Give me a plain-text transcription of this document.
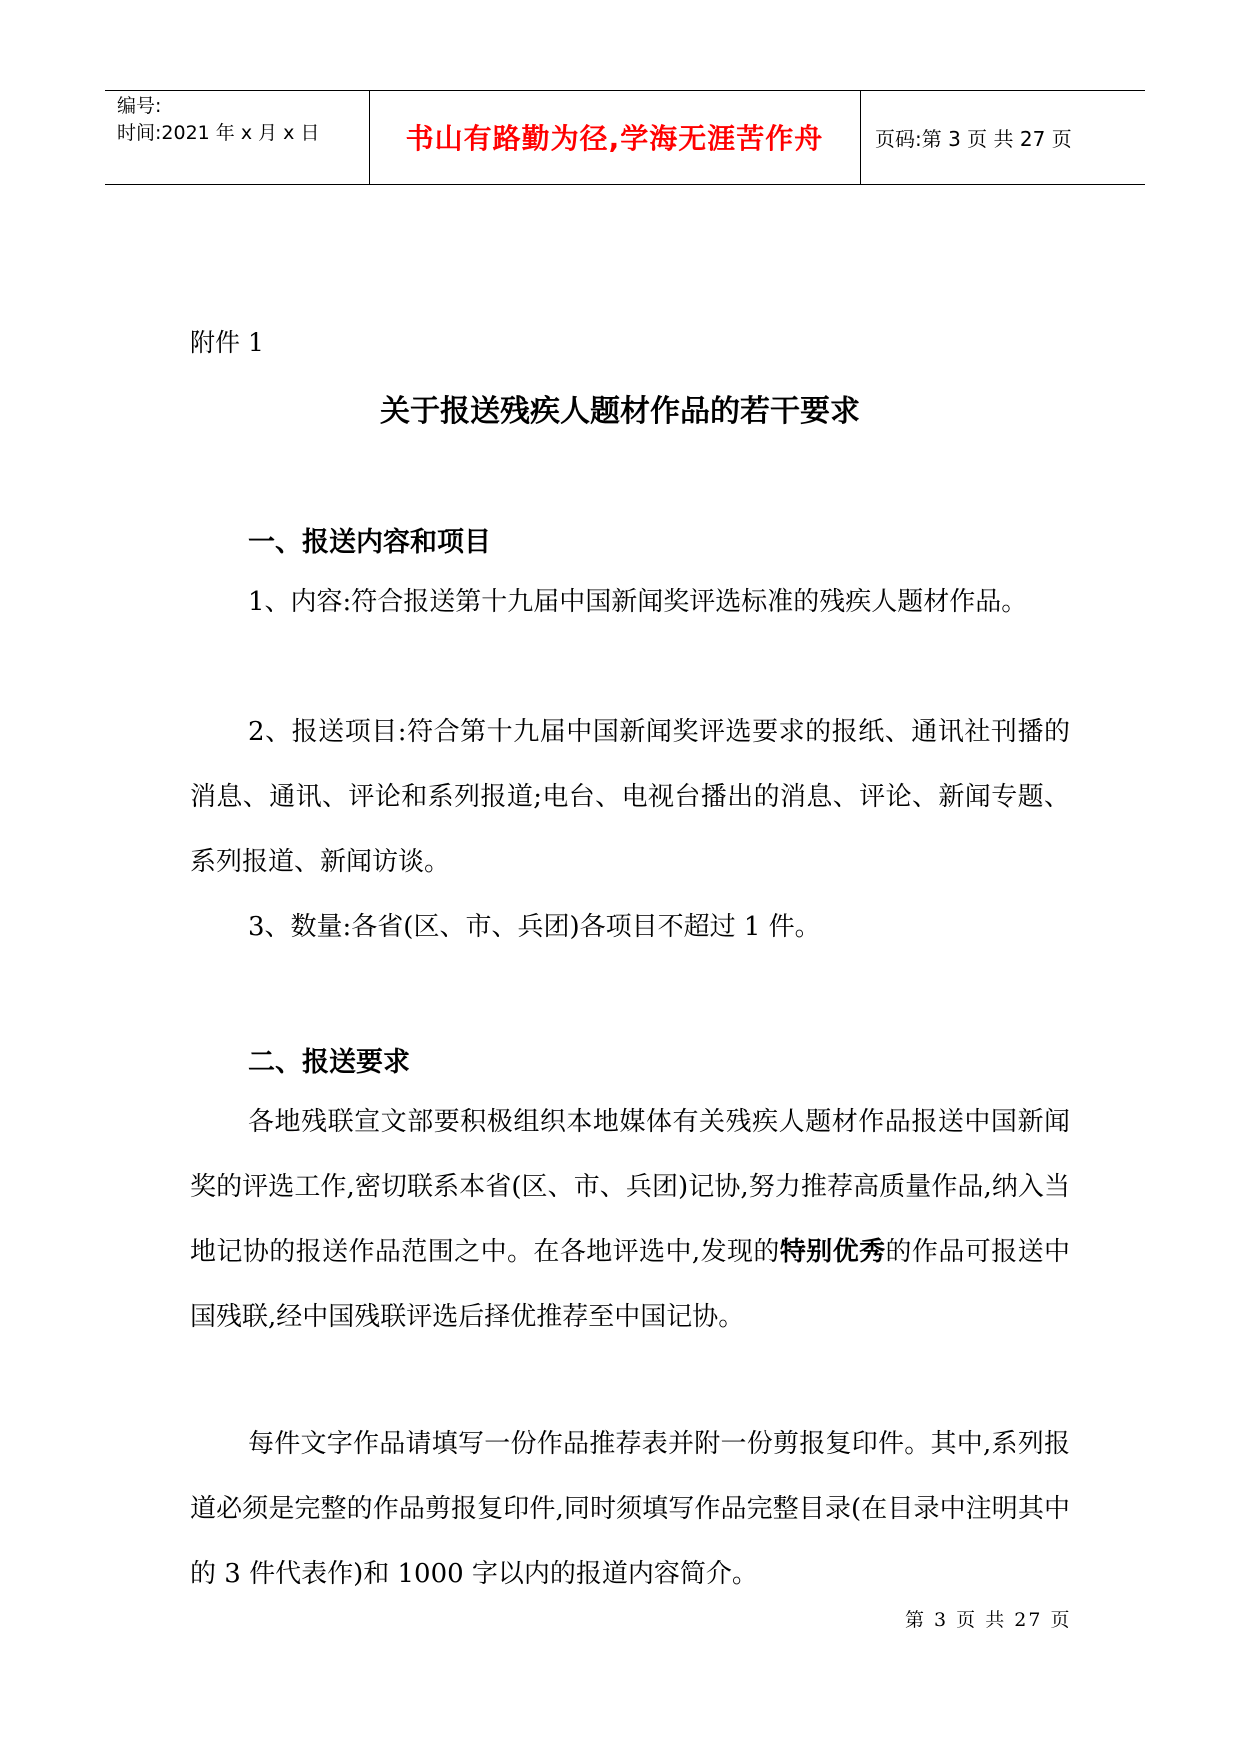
编号:
时间:2021 年 x 月 x 日	书山有路勤为径,学海无涯苦作舟	页码:第 3 页 共 27 页
附件 1
关于报送残疾人题材作品的若干要求
一、报送内容和项目

1、内容:符合报送第十九届中国新闻奖评选标准的残疾人题材作品。

2、报送项目:符合第十九届中国新闻奖评选要求的报纸、通讯社刊播的消息、通讯、评论和系列报道;电台、电视台播出的消息、评论、新闻专题、系列报道、新闻访谈。

3、数量:各省(区、市、兵团)各项目不超过 1 件。

二、报送要求

各地残联宣文部要积极组织本地媒体有关残疾人题材作品报送中国新闻奖的评选工作,密切联系本省(区、市、兵团)记协,努力推荐高质量作品,纳入当地记协的报送作品范围之中。在各地评选中,发现的特别优秀的作品可报送中国残联,经中国残联评选后择优推荐至中国记协。

每件文字作品请填写一份作品推荐表并附一份剪报复印件。其中,系列报道必须是完整的作品剪报复印件,同时须填写作品完整目录(在目录中注明其中的 3 件代表作)和 1000 字以内的报道内容简介。

第 3 页 共 27 页
